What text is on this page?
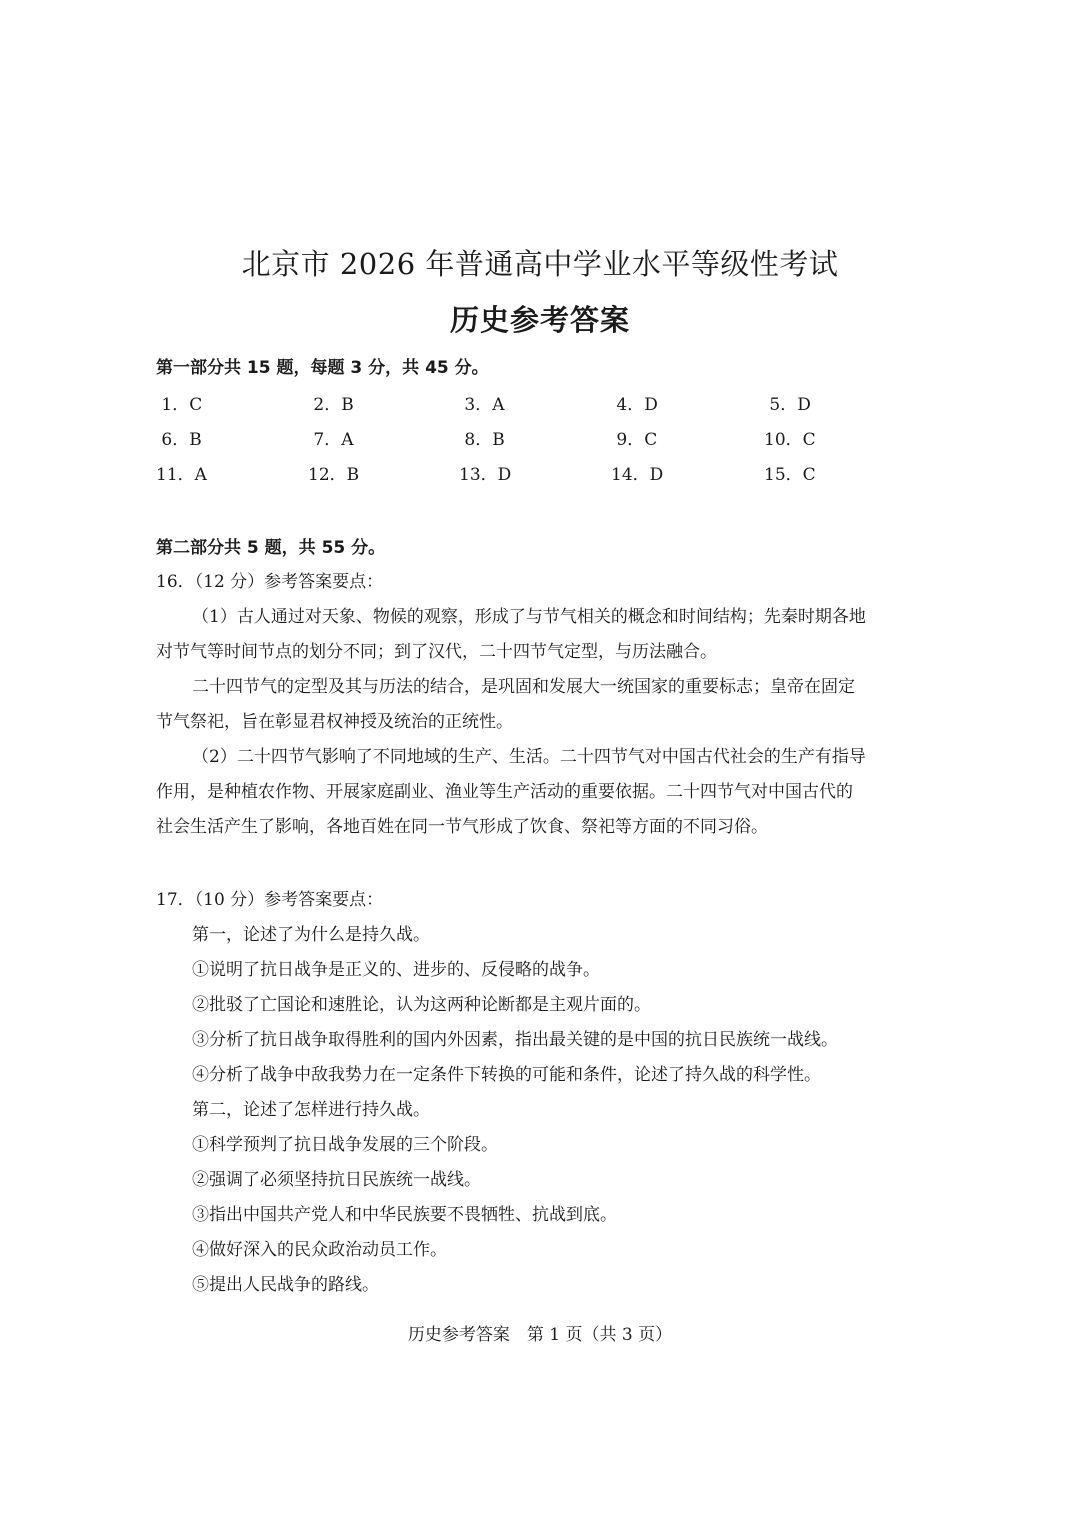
北京市 2026 年普通高中学业水平等级性考试
历史参考答案
第一部分共 15 题，每题 3 分，共 45 分。
1．C	2．B	3．A	4．D	5．D
6．B	7．A	8．B	9．C	10．C
11．A	12．B	13．D	14．D	15．C
第二部分共 5 题，共 55 分。
16．（12 分）参考答案要点：
（1）古人通过对天象、物候的观察，形成了与节气相关的概念和时间结构；先秦时期各地
对节气等时间节点的划分不同；到了汉代，二十四节气定型，与历法融合。
二十四节气的定型及其与历法的结合，是巩固和发展大一统国家的重要标志；皇帝在固定
节气祭祀，旨在彰显君权神授及统治的正统性。
（2）二十四节气影响了不同地域的生产、生活。二十四节气对中国古代社会的生产有指导
作用，是种植农作物、开展家庭副业、渔业等生产活动的重要依据。二十四节气对中国古代的
社会生活产生了影响，各地百姓在同一节气形成了饮食、祭祀等方面的不同习俗。
17．（10 分）参考答案要点：
第一，论述了为什么是持久战。
①说明了抗日战争是正义的、进步的、反侵略的战争。
②批驳了亡国论和速胜论，认为这两种论断都是主观片面的。
③分析了抗日战争取得胜利的国内外因素，指出最关键的是中国的抗日民族统一战线。
④分析了战争中敌我势力在一定条件下转换的可能和条件，论述了持久战的科学性。
第二，论述了怎样进行持久战。
①科学预判了抗日战争发展的三个阶段。
②强调了必须坚持抗日民族统一战线。
③指出中国共产党人和中华民族要不畏牺牲、抗战到底。
④做好深入的民众政治动员工作。
⑤提出人民战争的路线。
历史参考答案　第 1 页（共 3 页）
